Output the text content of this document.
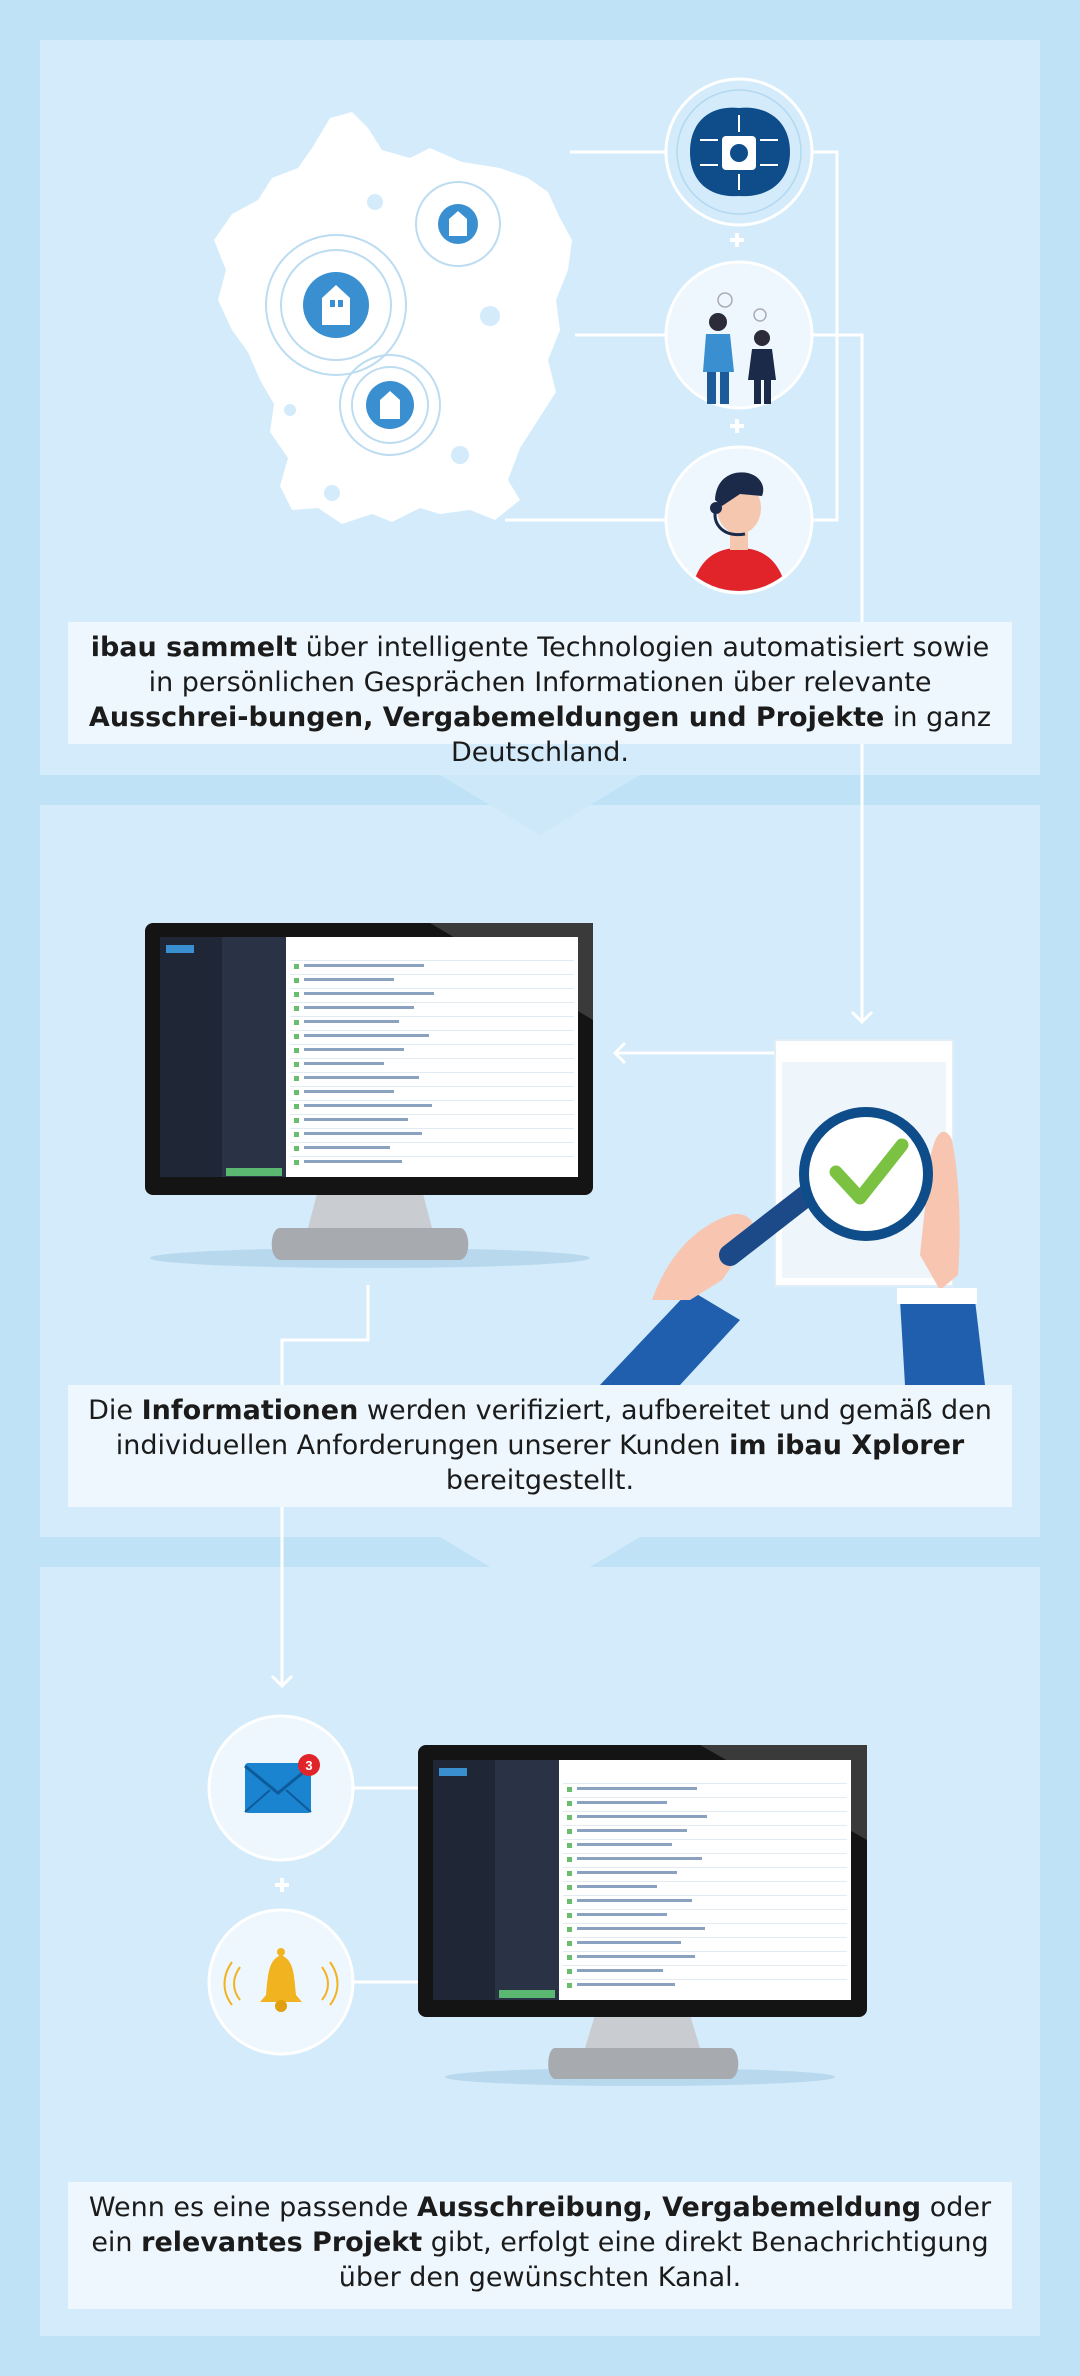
3
ibau sammelt über intelligente Technologien automatisiert sowie in persönlichen Gesprächen Informationen über relevante Ausschrei-bungen, Vergabemeldungen und Projekte in ganz Deutschland.
Die Informationen werden verifiziert, aufbereitet und gemäß den individuellen Anforderungen unserer Kunden im ibau Xplorer bereitgestellt.
Wenn es eine passende Ausschreibung, Vergabemeldung oder ein relevantes Projekt gibt, erfolgt eine direkt Benachrichtigung über den gewünschten Kanal.
